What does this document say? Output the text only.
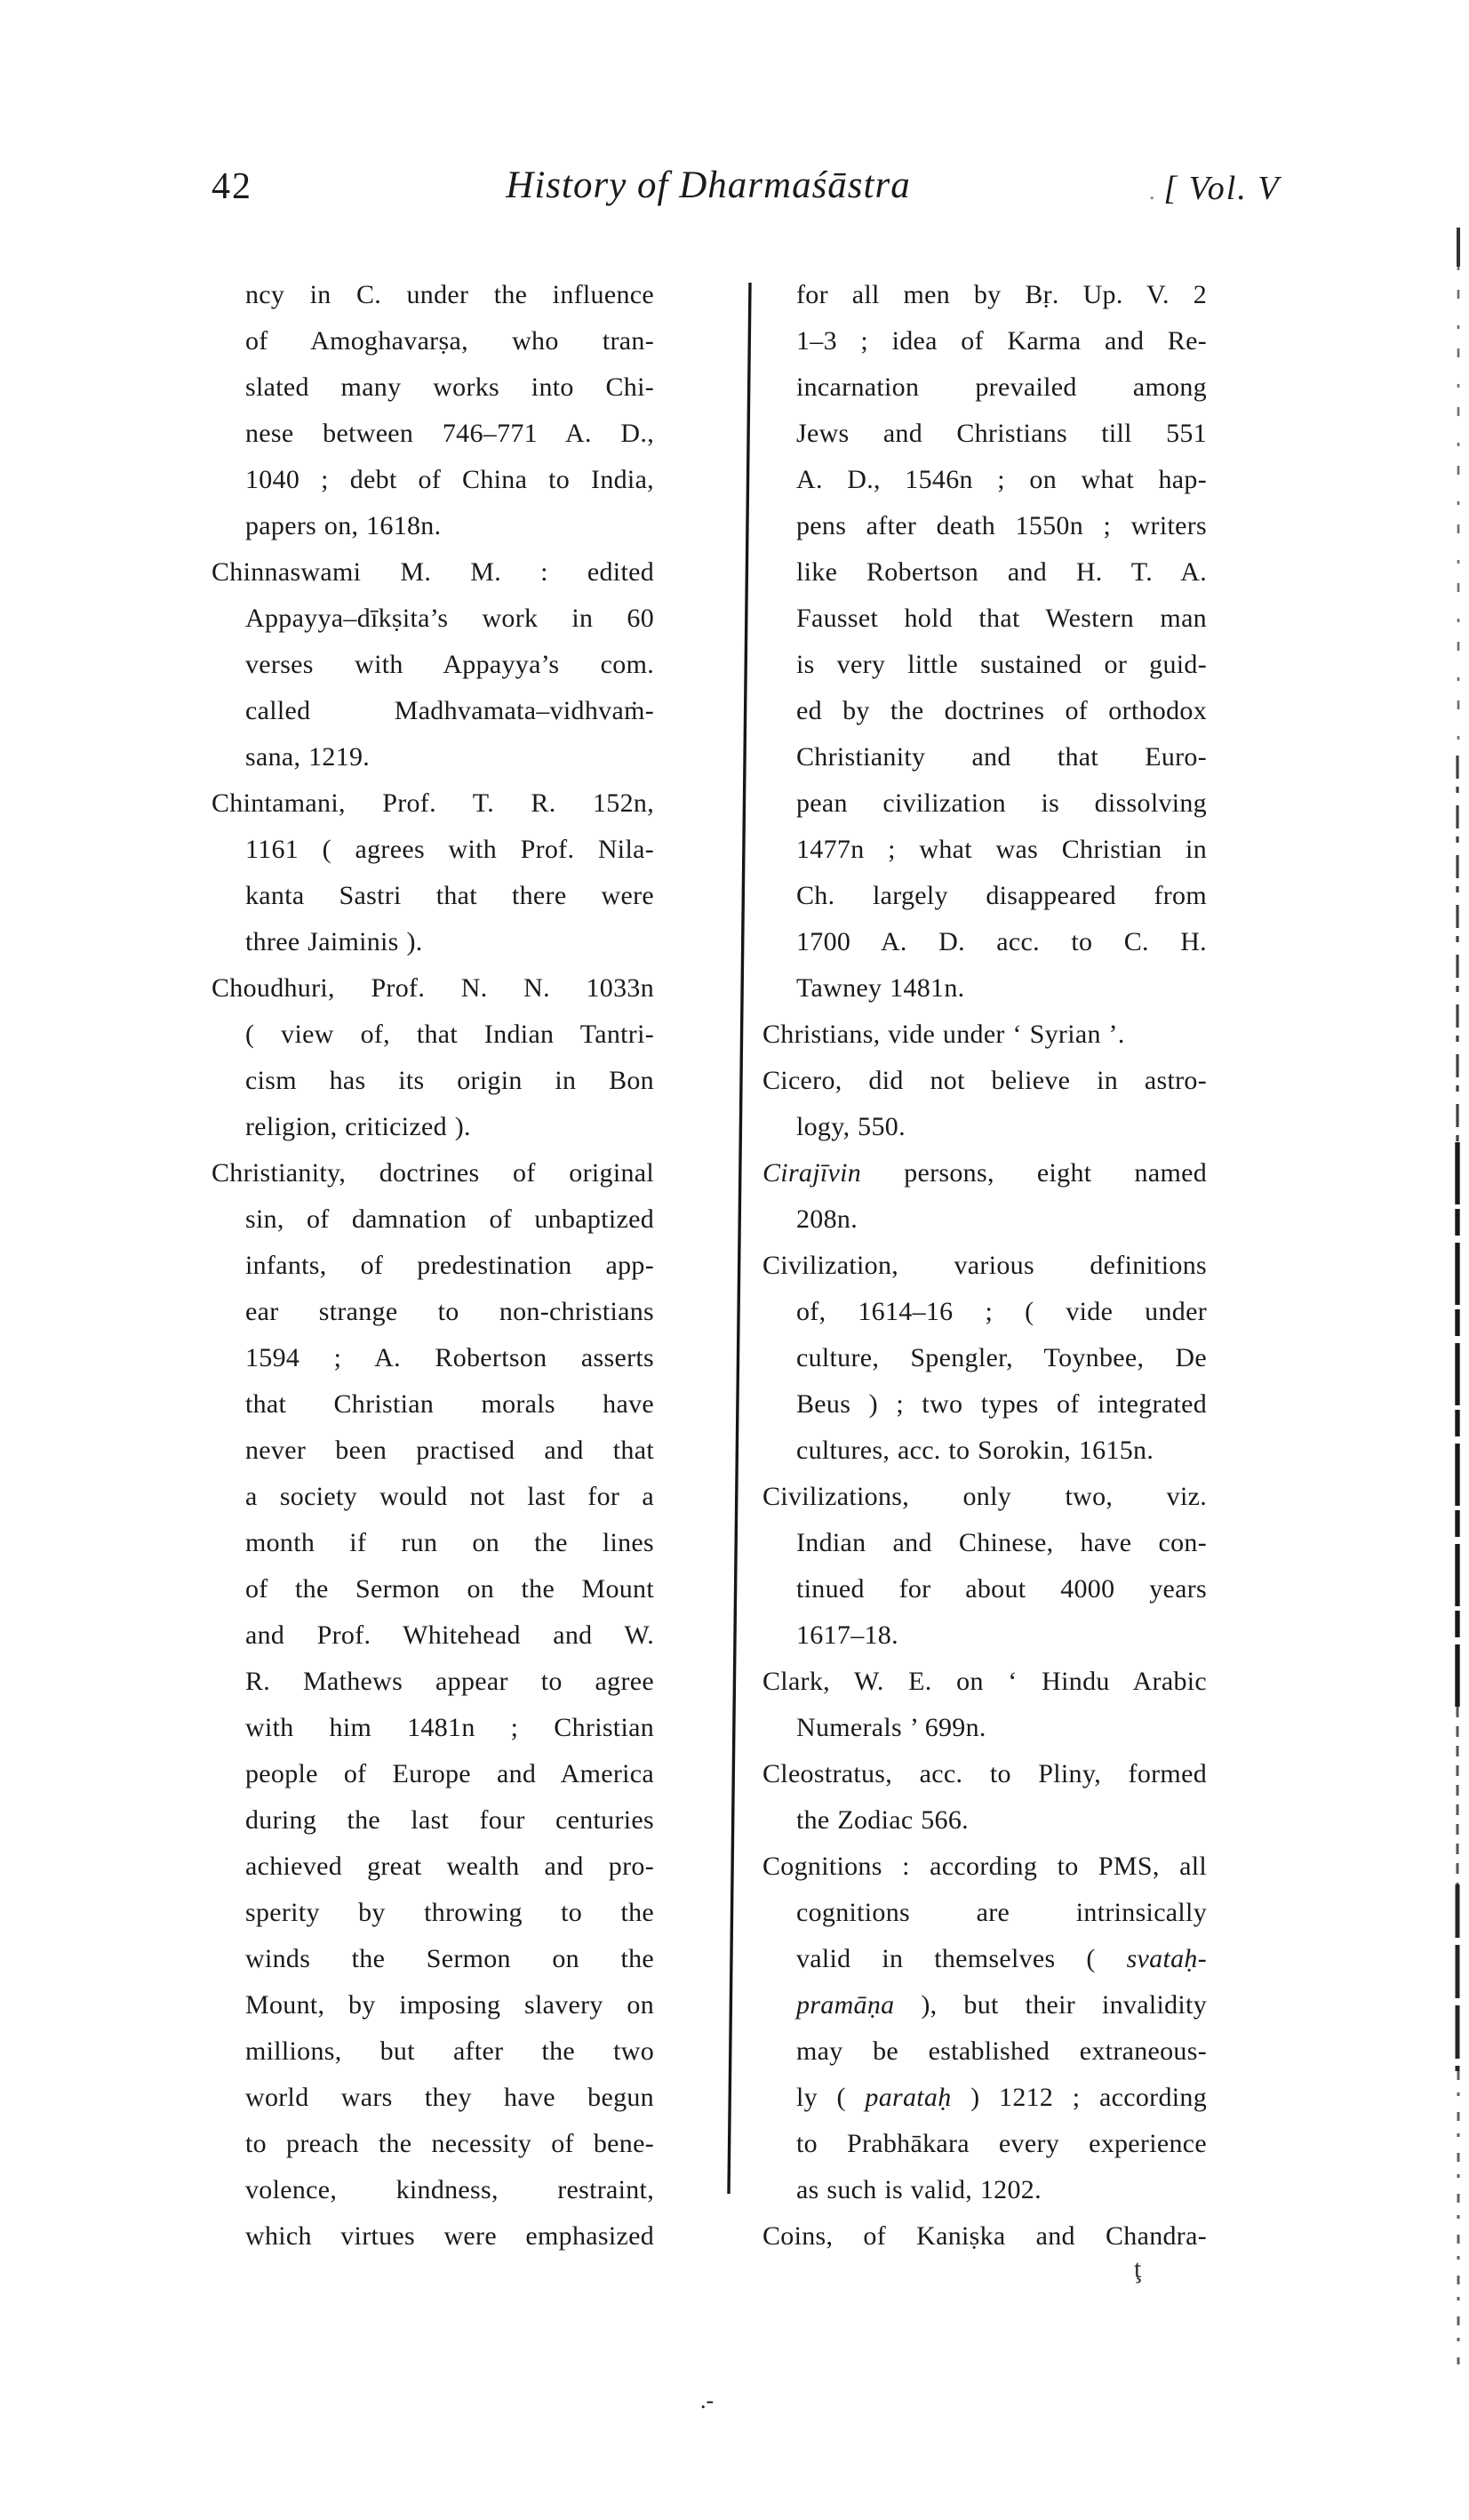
42	History of Dharmaśāstra	. [ Vol. V
ncy in C. under the influence
of Amoghavarṣa, who tran-
slated many works into Chi-
nese between 746–771 A. D.,
1040 ; debt of China to India,
papers on, 1618n.
Chinnaswami M. M. : edited
Appayya–dīkṣita’s work in 60
verses with Appayya’s com.
called Madhvamata–vidhvaṁ-
sana, 1219.
Chintamani, Prof. T. R. 152n,
1161 ( agrees with Prof. Nila-
kanta Sastri that there were
three Jaiminis ).
Choudhuri, Prof. N. N. 1033n
( view of, that Indian Tantri-
cism has its origin in Bon
religion, criticized ).
Christianity, doctrines of original
sin, of damnation of unbaptized
infants, of predestination app-
ear strange to non-christians
1594 ; A. Robertson asserts
that Christian morals have
never been practised and that
a society would not last for a
month if run on the lines
of the Sermon on the Mount
and Prof. Whitehead and W.
R. Mathews appear to agree
with him 1481n ; Christian
people of Europe and America
during the last four centuries
achieved great wealth and pro-
sperity by throwing to the
winds the Sermon on the
Mount, by imposing slavery on
millions, but after the two
world wars they have begun
to preach the necessity of bene-
volence, kindness, restraint,
which virtues were emphasized
for all men by Bṛ. Up. V. 2
1–3 ; idea of Karma and Re-
incarnation prevailed among
Jews and Christians till 551
A. D., 1546n ; on what hap-
pens after death 1550n ; writers
like Robertson and H. T. A.
Fausset hold that Western man
is very little sustained or guid-
ed by the doctrines of orthodox
Christianity and that Euro-
pean civilization is dissolving
1477n ; what was Christian in
Ch. largely disappeared from
1700 A. D. acc. to C. H.
Tawney 1481n.
Christians, vide under ‘ Syrian ’.
Cicero, did not believe in astro-
logy, 550.
Cirajīvin persons, eight named
208n.
Civilization, various definitions
of, 1614–16 ; ( vide under
culture, Spengler, Toynbee, De
Beus ) ; two types of integrated
cultures, acc. to Sorokin, 1615n.
Civilizations, only two, viz.
Indian and Chinese, have con-
tinued for about 4000 years
1617–18.
Clark, W. E. on ‘ Hindu Arabic
Numerals ’ 699n.
Cleostratus, acc. to Pliny, formed
the Zodiac 566.
Cognitions : according to PMS, all
cognitions are intrinsically
valid in themselves ( svataḥ-
pramāṇa ), but their invalidity
may be established extraneous-
ly ( parataḥ ) 1212 ; according
to Prabhākara every experience
as such is valid, 1202.
Coins, of Kaniṣka and Chandra-
.-
ţ
